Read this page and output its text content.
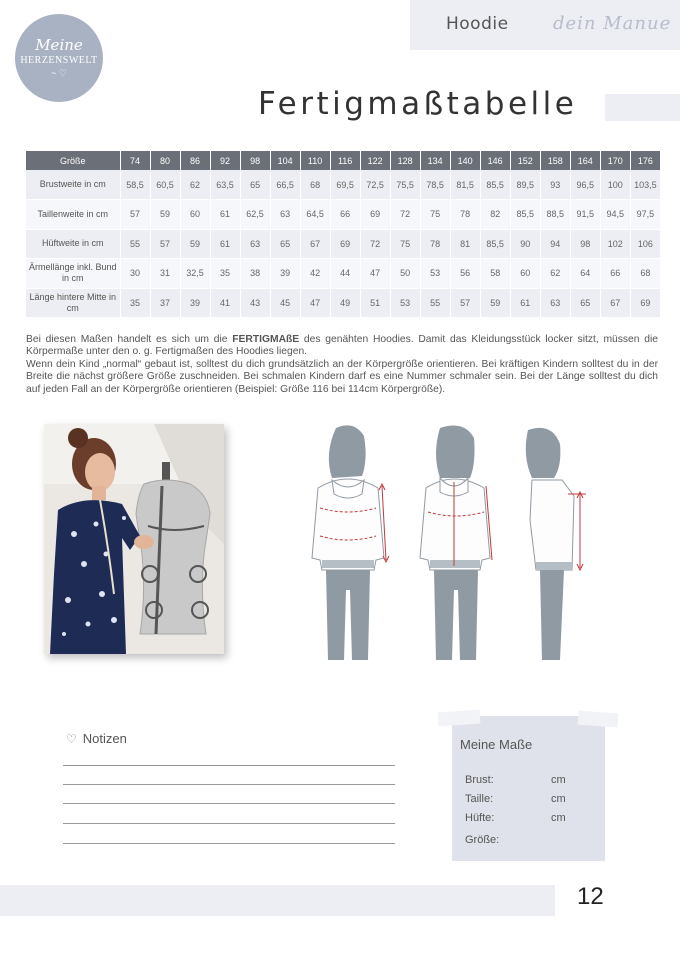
Meine
HERZENSWELT
~ ♡
Hoodie dein Manue
Fertigmaßtabelle
Größe	74	80	86	92	98	104	110	116	122	128	134	140	146	152	158	164	170	176
Brustweite in cm	58,5	60,5	62	63,5	65	66,5	68	69,5	72,5	75,5	78,5	81,5	85,5	89,5	93	96,5	100	103,5
Taillenweite in cm	57	59	60	61	62,5	63	64,5	66	69	72	75	78	82	85,5	88,5	91,5	94,5	97,5
Hüftweite in cm	55	57	59	61	63	65	67	69	72	75	78	81	85,5	90	94	98	102	106
Ärmellänge inkl. Bund in cm	30	31	32,5	35	38	39	42	44	47	50	53	56	58	60	62	64	66	68
Länge hintere Mitte in cm	35	37	39	41	43	45	47	49	51	53	55	57	59	61	63	65	67	69

Bei diesen Maßen handelt es sich um die FERTIGMAßE des genähten Hoodies. Damit das Kleidungsstück locker sitzt, müssen die Körpermaße unter den o. g. Fertigmaßen des Hoodies liegen.

Wenn dein Kind „normal“ gebaut ist, solltest du dich grundsätzlich an der Körpergröße orientieren. Bei kräftigen Kindern solltest du in der Breite die nächst größere Größe zuschneiden. Bei schmalen Kindern darf es eine Nummer schmaler sein. Bei der Länge solltest du dich auf jeden Fall an der Körpergröße orientieren (Beispiel: Größe 116 bei 114cm Körpergröße).

♡ Notizen	Meine Maße
Brust:	cm
Taille:	cm
Hüfte:	cm
Größe:
12
